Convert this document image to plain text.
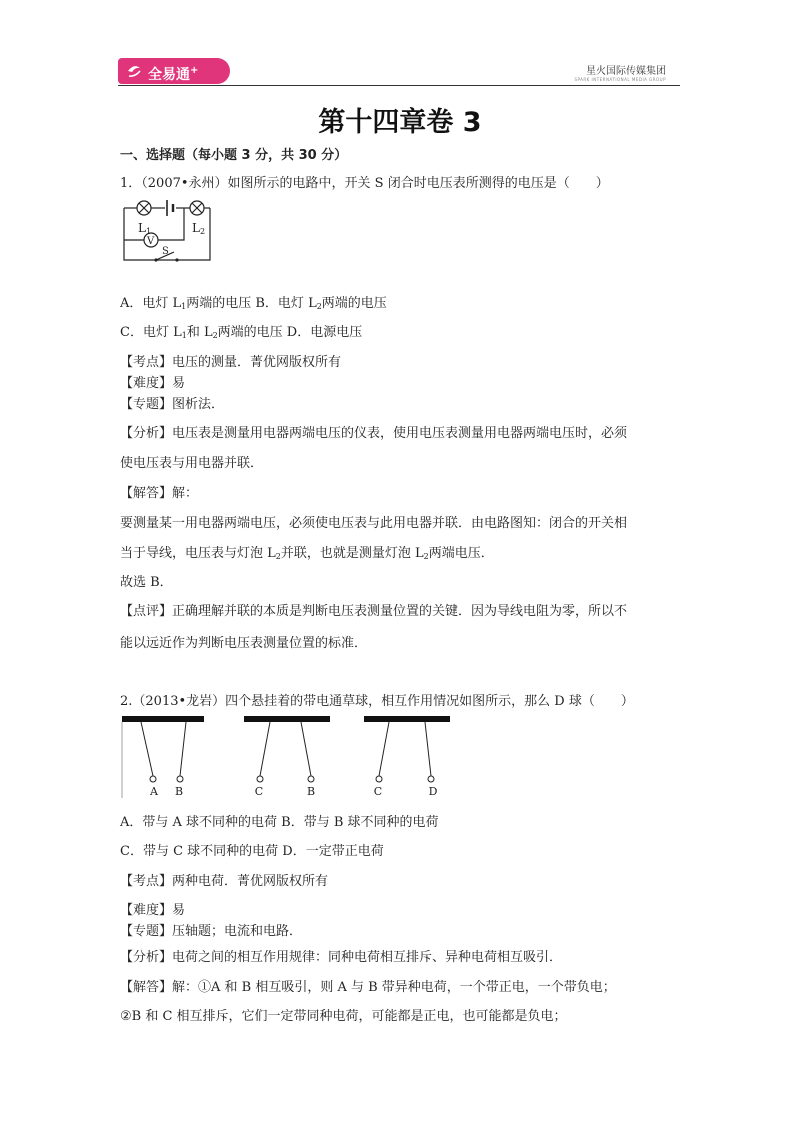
全易通+	星火国际传媒集团
SPARK INTERNATIONAL MEDIA GROUP
第十四章卷 3
一、选择题（每小题 3 分，共 30 分）
1．（2007•永州）如图所示的电路中，开关 S 闭合时电压表所测得的电压是（　　）
L1	L2
V
S
A．电灯 $L_1$两端的电压 B．电灯 $L_2$两端的电压
C．电灯 $L_1$和 $L_2$两端的电压 D．电源电压
【考点】电压的测量．菁优网版权所有
【难度】易
【专题】图析法．
【分析】电压表是测量用电器两端电压的仪表，使用电压表测量用电器两端电压时，必须
使电压表与用电器并联．
【解答】解：
要测量某一用电器两端电压，必须使电压表与此用电器并联．由电路图知：闭合的开关相
当于导线，电压表与灯泡 $L_2$并联，也就是测量灯泡 $L_2$两端电压．
故选 B．
【点评】正确理解并联的本质是判断电压表测量位置的关键．因为导线电阻为零，所以不
能以远近作为判断电压表测量位置的标准．
2.（2013•龙岩）四个悬挂着的带电通草球，相互作用情况如图所示，那么 D 球（　　）
A B	C	B	C	D
A．带与 A 球不同种的电荷 B．带与 B 球不同种的电荷
C．带与 C 球不同种的电荷 D．一定带正电荷
【考点】两种电荷．菁优网版权所有
【难度】易
【专题】压轴题；电流和电路．
【分析】电荷之间的相互作用规律：同种电荷相互排斥、异种电荷相互吸引．
【解答】解：①A 和 B 相互吸引，则 A 与 B 带异种电荷，一个带正电，一个带负电；
②B 和 C 相互排斥，它们一定带同种电荷，可能都是正电，也可能都是负电；
